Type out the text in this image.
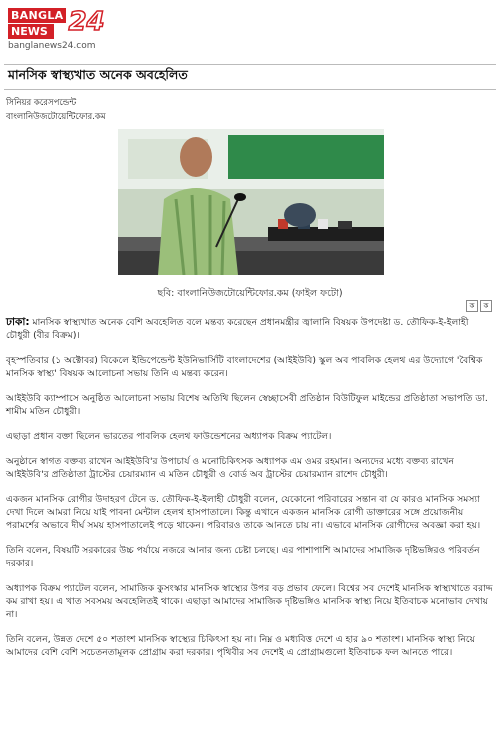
BANGLA
NEWS 24
banglanews24.com
মানসিক স্বাস্থ্যখাত অনেক অবহেলিত
সিনিয়র করেসপন্ডেন্ট
বাংলানিউজটোয়েন্টিফোর.কম
ছবি: বাংলানিউজটোয়েন্টিফোর.কম (ফাইল ফটো)
ক	ক

ঢাকা: মানসিক স্বাস্থ্যখাত অনেক বেশি অবহেলিত বলে মন্তব্য করেছেন প্রধানমন্ত্রীর জ্বালানি বিষয়ক উপদেষ্টা ড. তৌফিক-ই-ইলাহী চৌধুরী (বীর বিক্রম)।

বৃহস্পতিবার (১ অক্টোবর) বিকেলে ইন্ডিপেন্ডেন্ট ইউনিভার্সিটি বাংলাদেশের (আইইউবি) স্কুল অব পাবলিক হেলথ এর উদ্যোগে 'বৈশ্বিক মানসিক স্বাস্থ্য' বিষয়ক আলোচনা সভায় তিনি এ মন্তব্য করেন।

আইইউবি ক্যাম্পাসে অনুষ্ঠিত আলোচনা সভায় বিশেষ অতিথি ছিলেন স্বেচ্ছাসেবী প্রতিষ্ঠান বিউটিফুল মাইন্ডের প্রতিষ্ঠাতা সভাপতি ডা. শামীম মতিন চৌধুরী।

এছাড়া প্রধান বক্তা ছিলেন ভারতের পাবলিক হেলথ ফাউন্ডেশনের অধ্যাপক বিক্রম প্যাটেল।

অনুষ্ঠানে স্বাগত বক্তব্য রাখেন আইইউবি'র উপাচার্য ও মনোচিকিৎসক অধ্যাপক এম ওমর রহমান। অন্যদের মধ্যে বক্তব্য রাখেন আইইউবি'র প্রতিষ্ঠাতা ট্রাস্টের চেয়ারম্যান এ মতিন চৌধুরী ও বোর্ড অব ট্রাস্টের চেয়ারম্যান রাশেদ চৌধুরী।

একজন মানসিক রোগীর উদাহরণ টেনে ড. তৌফিক-ই-ইলাহী চৌধুরী বলেন, যেকোনো পরিবারের সন্তান বা যে কারও মানসিক সমস্যা দেখা দিলে আমরা নিয়ে যাই পাবনা মেন্টাল হেলথ হাসপাতালে। কিন্তু এখানে একজন মানসিক রোগী ডাক্তারের সঙ্গে প্রয়োজনীয় পরামর্শের অভাবে দীর্ঘ সময় হাসপাতালেই পড়ে থাকেন। পরিবারও তাকে আনতে চায় না। এভাবে মানসিক রোগীদের অবজ্ঞা করা হয়।

তিনি বলেন, বিষয়টি সরকারের উচ্চ পর্যায়ে নজরে আনার জন্য চেষ্টা চলছে। এর পাশাপাশি আমাদের সামাজিক দৃষ্টিভঙ্গিরও পরিবর্তন দরকার।

অধ্যাপক বিক্রম প্যাটেল বলেন, সামাজিক কুসংস্কার মানসিক স্বাস্থ্যের উপর বড় প্রভাব ফেলে। বিশ্বের সব দেশেই মানসিক স্বাস্থ্যখাতে বরাদ্দ কম রাখা হয়। এ খাত সবসময় অবহেলিতই থাকে। এছাড়া আমাদের সামাজিক দৃষ্টিভঙ্গিও মানসিক স্বাস্থ্য নিয়ে ইতিবাচক মনোভাব দেখায় না।

তিনি বলেন, উন্নত দেশে ৫০ শতাংশ মানসিক স্বাস্থ্যের চিকিৎসা হয় না। নিম্ন ও মধ্যবিত্ত দেশে এ হার ৯০ শতাংশ। মানসিক স্বাস্থ্য নিয়ে আমাদের বেশি বেশি সচেতনতামূলক প্রোগ্রাম করা দরকার। পৃথিবীর সব দেশেই এ প্রোগ্রামগুলো ইতিবাচক ফল আনতে পারে।
